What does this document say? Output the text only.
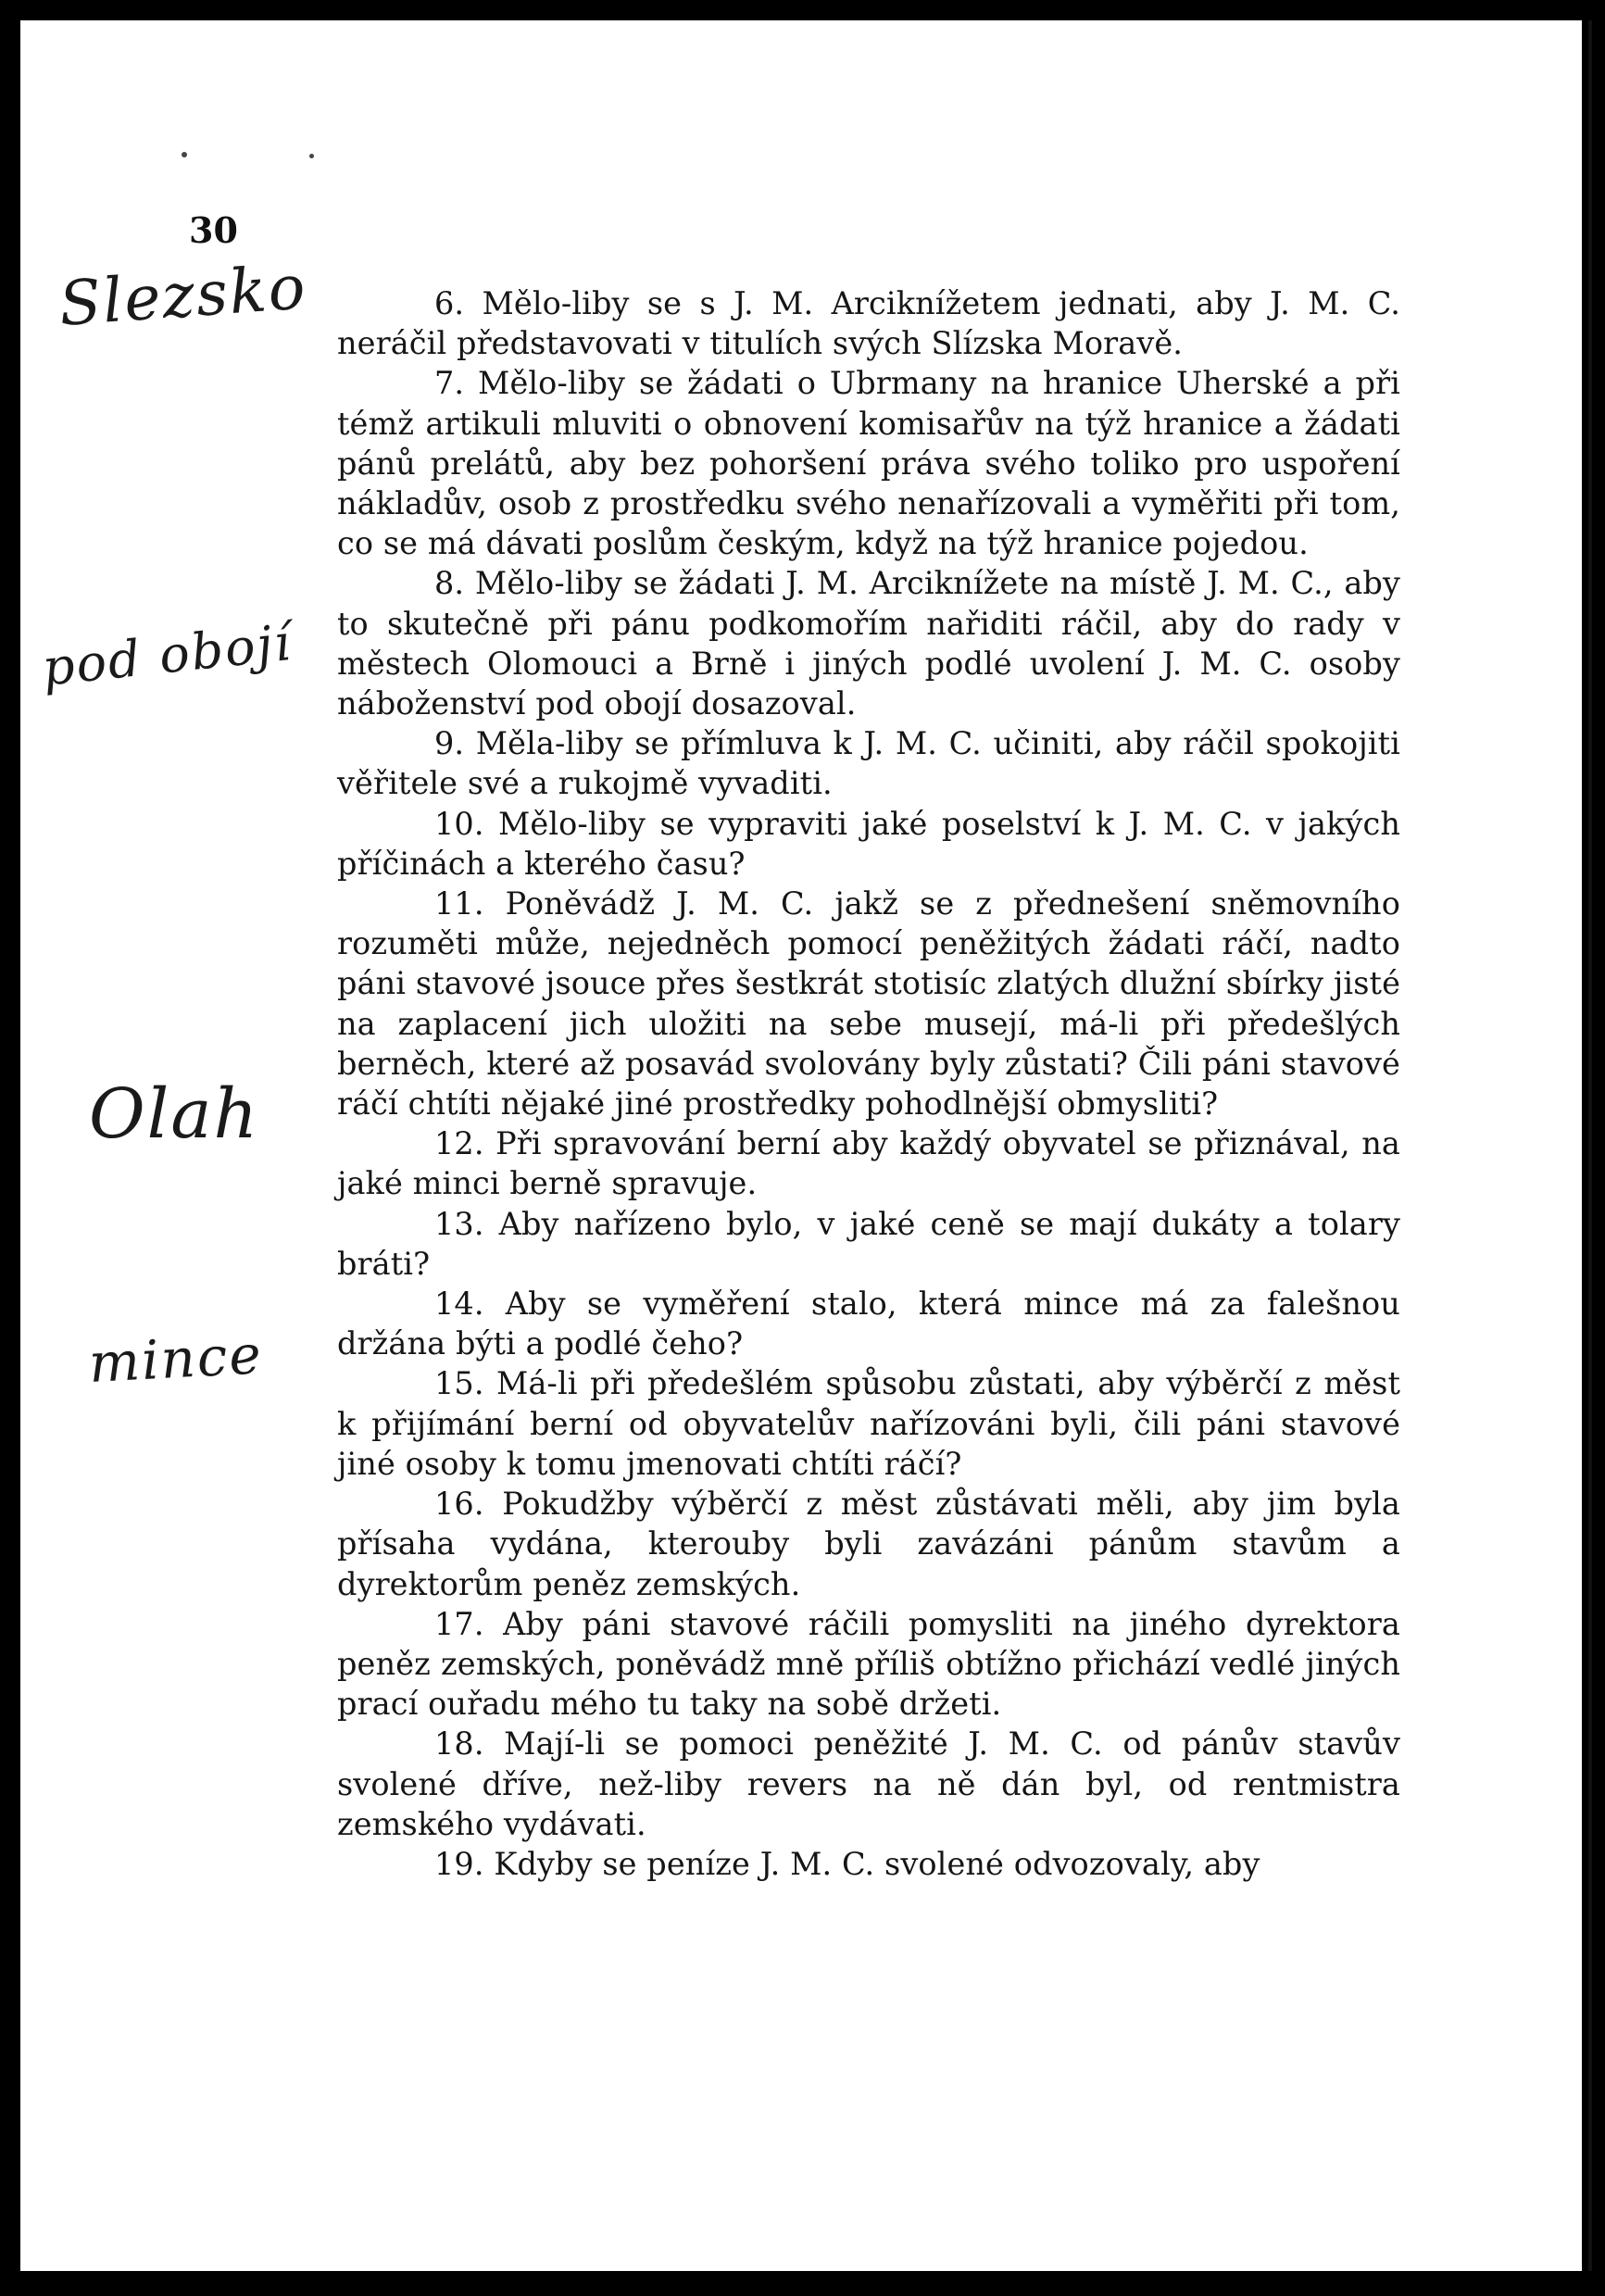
30
Slezsko
pod obojí
Olah
mince

6. Mělo-liby se s J. M. Arciknížetem jednati, aby J. M. C. neráčil představovati v titulích svých Slízska Moravě.

7. Mělo-liby se žádati o Ubrmany na hranice Uherské a při témž artikuli mluviti o obnovení komisařův na týž hranice a žádati pánů prelátů, aby bez pohoršení práva svého toliko pro uspoření nákladův, osob z prostředku svého nenařízovali a vyměřiti při tom, co se má dávati poslům českým, když na týž hranice pojedou.

8. Mělo-liby se žádati J. M. Arciknížete na místě J. M. C., aby to skutečně při pánu podkomořím nařiditi ráčil, aby do rady v městech Olomouci a Brně i jiných podlé uvolení J. M. C. osoby náboženství pod obojí dosazoval.

9. Měla-liby se přímluva k J. M. C. učiniti, aby ráčil spokojiti věřitele své a rukojmě vyvaditi.

10. Mělo-liby se vypraviti jaké poselství k J. M. C. v jakých příčinách a kterého času?

11. Poněvádž J. M. C. jakž se z přednešení sněmovního rozuměti může, nejedněch pomocí peněžitých žádati ráčí, nadto páni stavové jsouce přes šestkrát stotisíc zlatých dlužní sbírky jisté na zaplacení jich uložiti na sebe musejí, má-li při předešlých berněch, které až posavád svolovány byly zůstati? Čili páni stavové ráčí chtíti nějaké jiné prostředky pohodlnější obmysliti?

12. Při spravování berní aby každý obyvatel se přiznával, na jaké minci berně spravuje.

13. Aby nařízeno bylo, v jaké ceně se mají dukáty a tolary bráti?

14. Aby se vyměření stalo, která mince má za falešnou držána býti a podlé čeho?

15. Má-li při předešlém spůsobu zůstati, aby výběrčí z měst k přijímání berní od obyvatelův nařízováni byli, čili páni stavové jiné osoby k tomu jmenovati chtíti ráčí?

16. Pokudžby výběrčí z měst zůstávati měli, aby jim byla přísaha vydána, kterouby byli zavázáni pánům stavům a dyrektorům peněz zemských.

17. Aby páni stavové ráčili pomysliti na jiného dyrektora peněz zemských, poněvádž mně příliš obtížno přichází vedlé jiných prací ouřadu mého tu taky na sobě držeti.

18. Mají-li se pomoci peněžité J. M. C. od pánův stavův svolené dříve, než-liby revers na ně dán byl, od rentmistra zemského vydávati.

19. Kdyby se peníze J. M. C. svolené odvozovaly, aby
